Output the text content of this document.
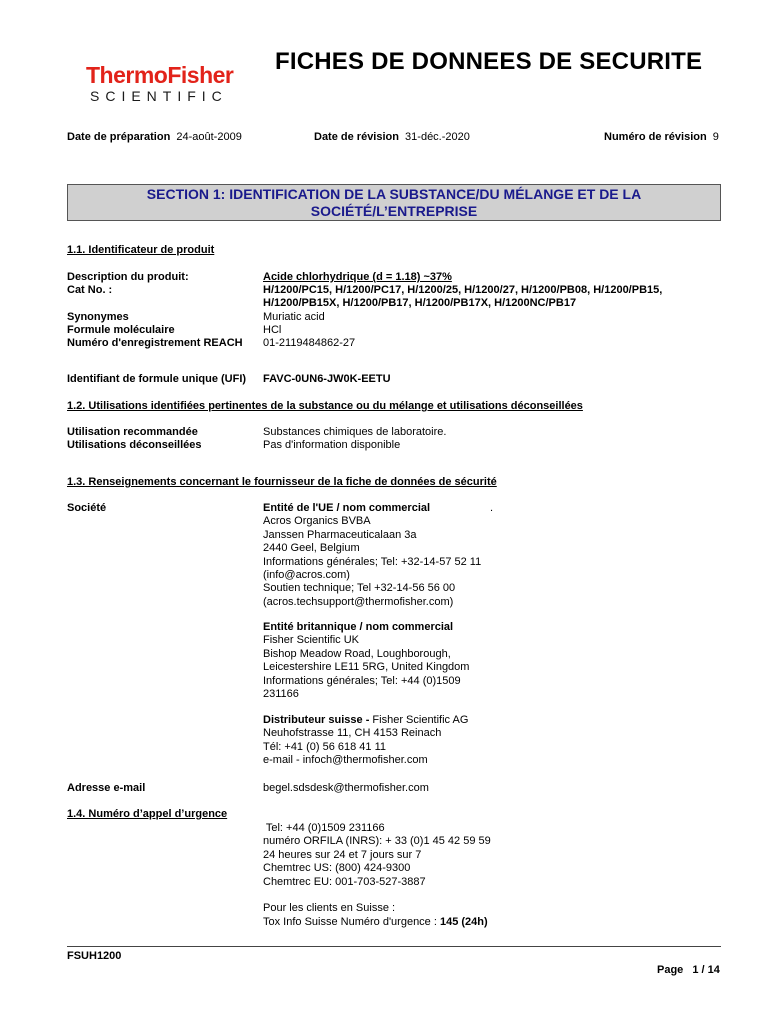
ThermoFisher
SCIENTIFIC
FICHES DE DONNEES DE SECURITE
Date de préparation 24-août-2009	Date de révision 31-déc.-2020	Numéro de révision 9
SECTION 1: IDENTIFICATION DE LA SUBSTANCE/DU MÉLANGE ET DE LA
SOCIÉTÉ/L’ENTREPRISE
1.1. Identificateur de produit
Description du produit:	Acide chlorhydrique (d = 1.18) ~37%
Cat No. :	H/1200/PC15, H/1200/PC17, H/1200/25, H/1200/27, H/1200/PB08, H/1200/PB15,
H/1200/PB15X, H/1200/PB17, H/1200/PB17X, H/1200NC/PB17
Synonymes	Muriatic acid
Formule moléculaire	HCl
Numéro d'enregistrement REACH 01-2119484862-27
Identifiant de formule unique (UFI) FAVC-0UN6-JW0K-EETU
1.2. Utilisations identifiées pertinentes de la substance ou du mélange et utilisations déconseillées
Utilisation recommandée	Substances chimiques de laboratoire.
Utilisations déconseillées	Pas d'information disponible
1.3. Renseignements concernant le fournisseur de la fiche de données de sécurité
Société	Entité de l'UE / nom commercial	.
Acros Organics BVBA
Janssen Pharmaceuticalaan 3a
2440 Geel, Belgium
Informations générales; Tel: +32-14-57 52 11
(info@acros.com)
Soutien technique; Tel +32-14-56 56 00
(acros.techsupport@thermofisher.com)
Entité britannique / nom commercial
Fisher Scientific UK
Bishop Meadow Road, Loughborough,
Leicestershire LE11 5RG, United Kingdom
Informations générales; Tel: +44 (0)1509
231166
Distributeur suisse - Fisher Scientific AG
Neuhofstrasse 11, CH 4153 Reinach
Tél: +41 (0) 56 618 41 11
e-mail - infoch@thermofisher.com
Adresse e-mail	begel.sdsdesk@thermofisher.com
1.4. Numéro d’appel d’urgence
Tel: +44 (0)1509 231166
numéro ORFILA (INRS): + 33 (0)1 45 42 59 59
24 heures sur 24 et 7 jours sur 7
Chemtrec US: (800) 424-9300
Chemtrec EU: 001-703-527-3887
Pour les clients en Suisse :
Tox Info Suisse Numéro d'urgence : 145 (24h)
FSUH1200
Page 1 / 14
